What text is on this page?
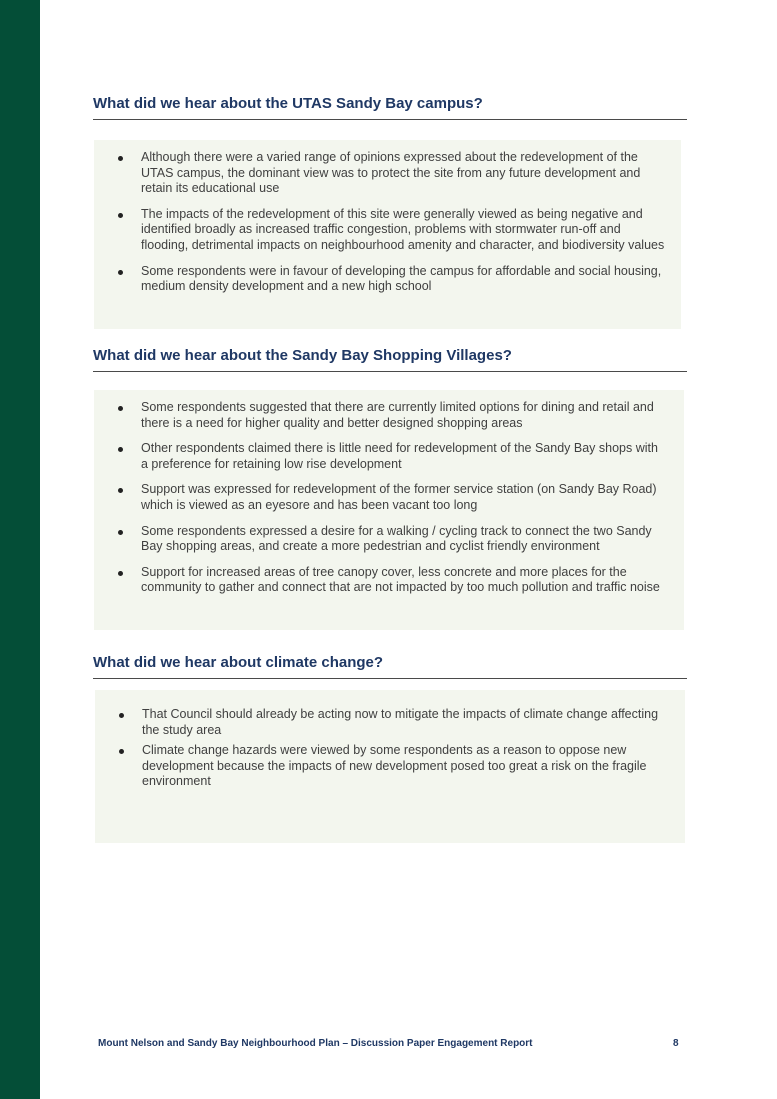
What did we hear about the UTAS Sandy Bay campus?
Although there were a varied range of opinions expressed about the redevelopment of the UTAS campus, the dominant view was to protect the site from any future development and retain its educational use
The impacts of the redevelopment of this site were generally viewed as being negative and identified broadly as increased traffic congestion, problems with stormwater run-off and flooding, detrimental impacts on neighbourhood amenity and character, and biodiversity values
Some respondents were in favour of developing the campus for affordable and social housing, medium density development and a new high school
What did we hear about the Sandy Bay Shopping Villages?
Some respondents suggested that there are currently limited options for dining and retail and there is a need for higher quality and better designed shopping areas
Other respondents claimed there is little need for redevelopment of the Sandy Bay shops with a preference for retaining low rise development
Support was expressed for redevelopment of the former service station (on Sandy Bay Road) which is viewed as an eyesore and has been vacant too long
Some respondents expressed a desire for a walking / cycling track to connect the two Sandy Bay shopping areas, and create a more pedestrian and cyclist friendly environment
Support for increased areas of tree canopy cover, less concrete and more places for the community to gather and connect that are not impacted by too much pollution and traffic noise
What did we hear about climate change?
That Council should already be acting now to mitigate the impacts of climate change affecting the study area
Climate change hazards were viewed by some respondents as a reason to oppose new development because the impacts of new development posed too great a risk on the fragile environment
Mount Nelson and Sandy Bay Neighbourhood Plan – Discussion Paper Engagement Report	8
